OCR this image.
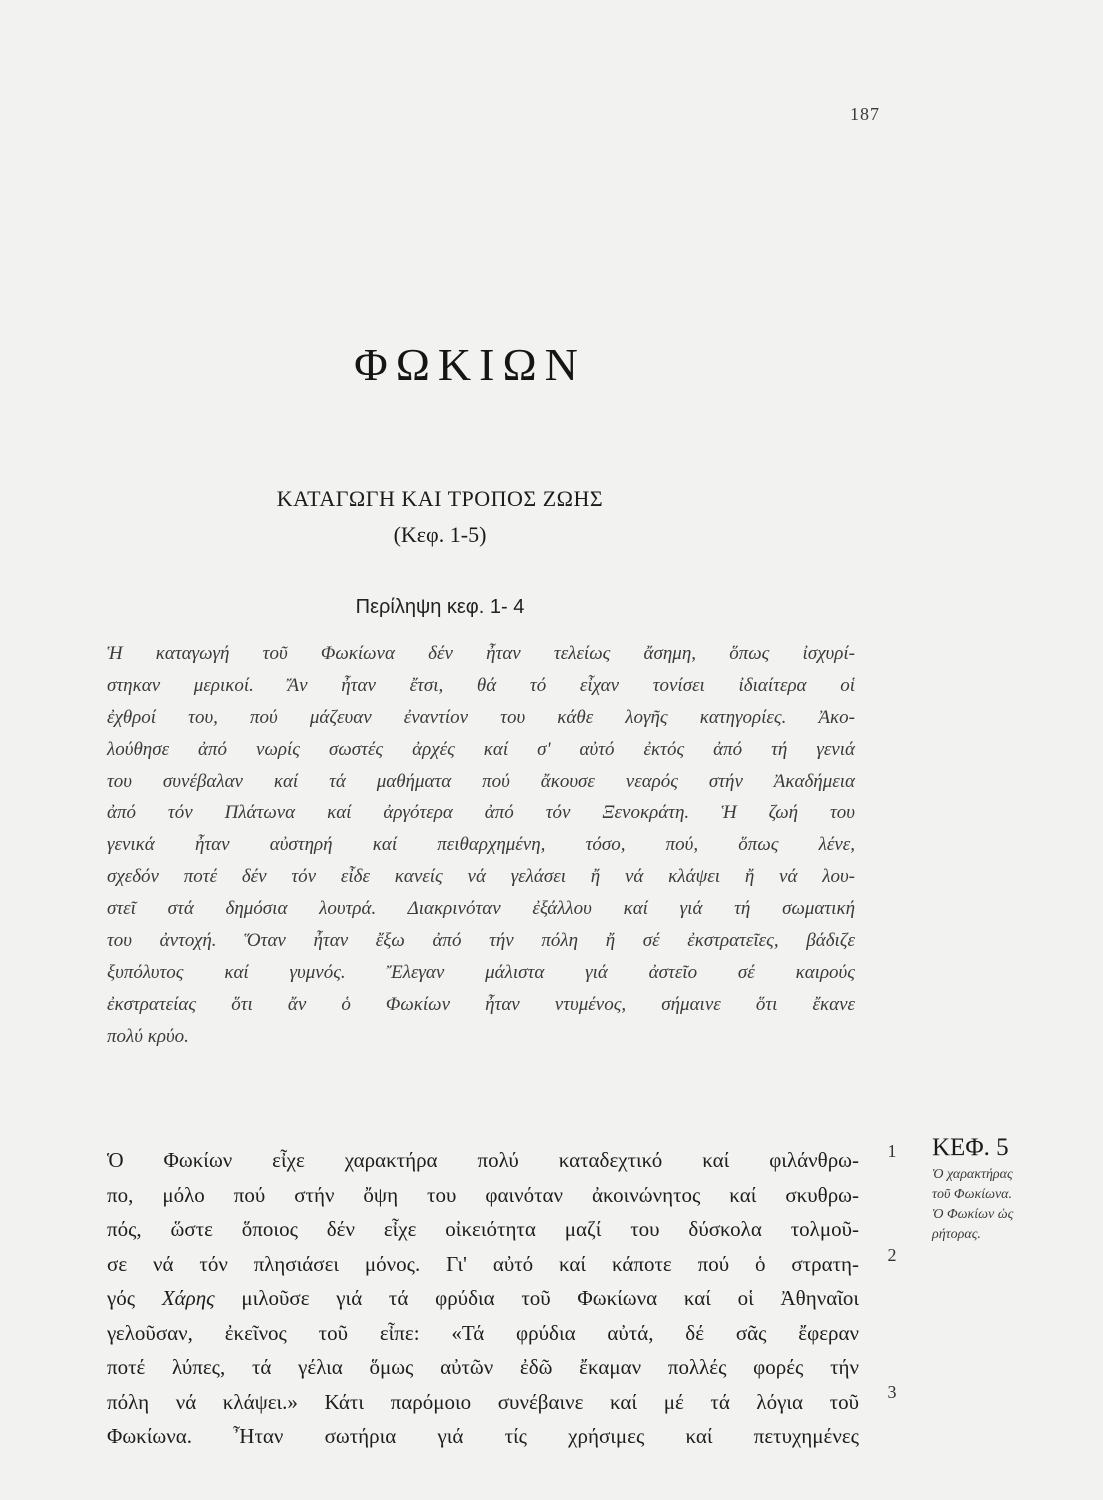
187
ΦΩΚΙΩΝ
ΚΑΤΑΓΩΓΗ ΚΑΙ ΤΡΟΠΟΣ ΖΩΗΣ
(Κεφ. 1-5)
Περίληψη κεφ. 1- 4
Ἡ καταγωγή τοῦ Φωκίωνα δέν ἦταν τελείως ἄσημη, ὅπως ἰσχυρί-
στηκαν μερικοί. Ἄν ἦταν ἔτσι, θά τό εἶχαν τονίσει ἰδιαίτερα οἱ
ἐχθροί του, πού μάζευαν ἐναντίον του κάθε λογῆς κατηγορίες. Ἀκο-
λούθησε ἀπό νωρίς σωστές ἀρχές καί σ' αὐτό ἐκτός ἀπό τή γενιά
του συνέβαλαν καί τά μαθήματα πού ἄκουσε νεαρός στήν Ἀκαδήμεια
ἀπό τόν Πλάτωνα καί ἀργότερα ἀπό τόν Ξενοκράτη. Ἡ ζωή του
γενικά ἦταν αὐστηρή καί πειθαρχημένη, τόσο, πού, ὅπως λένε,
σχεδόν ποτέ δέν τόν εἶδε κανείς νά γελάσει ἤ νά κλάψει ἤ νά λου-
στεῖ στά δημόσια λουτρά. Διακρινόταν ἐξάλλου καί γιά τή σωματική
του ἀντοχή. Ὅταν ἦταν ἔξω ἀπό τήν πόλη ἤ σέ ἐκστρατεῖες, βάδιζε
ξυπόλυτος καί γυμνός. Ἔλεγαν μάλιστα γιά ἀστεῖο σέ καιρούς
ἐκστρατείας ὅτι ἄν ὁ Φωκίων ἦταν ντυμένος, σήμαινε ὅτι ἔκανε
πολύ κρύο.
Ὁ Φωκίων εἶχε χαρακτήρα πολύ καταδεχτικό καί φιλάνθρω-
πο, μόλο πού στήν ὄψη του φαινόταν ἀκοινώνητος καί σκυθρω-
πός, ὥστε ὅποιος δέν εἶχε οἰκειότητα μαζί του δύσκολα τολμοῦ-
σε νά τόν πλησιάσει μόνος. Γι' αὐτό καί κάποτε πού ὁ στρατη-
γός Χάρης μιλοῦσε γιά τά φρύδια τοῦ Φωκίωνα καί οἱ Ἀθηναῖοι
γελοῦσαν, ἐκεῖνος τοῦ εἶπε: «Τά φρύδια αὐτά, δέ σᾶς ἔφεραν
ποτέ λύπες, τά γέλια ὅμως αὐτῶν ἐδῶ ἔκαμαν πολλές φορές τήν
πόλη νά κλάψει.» Κάτι παρόμοιο συνέβαινε καί μέ τά λόγια τοῦ
Φωκίωνα. Ἦταν σωτήρια γιά τίς χρήσιμες καί πετυχημένες
1
2
3
ΚΕΦ. 5
Ὁ χαρακτήρας
τοῦ Φωκίωνα.
Ὁ Φωκίων ὡς
ρήτορας.
